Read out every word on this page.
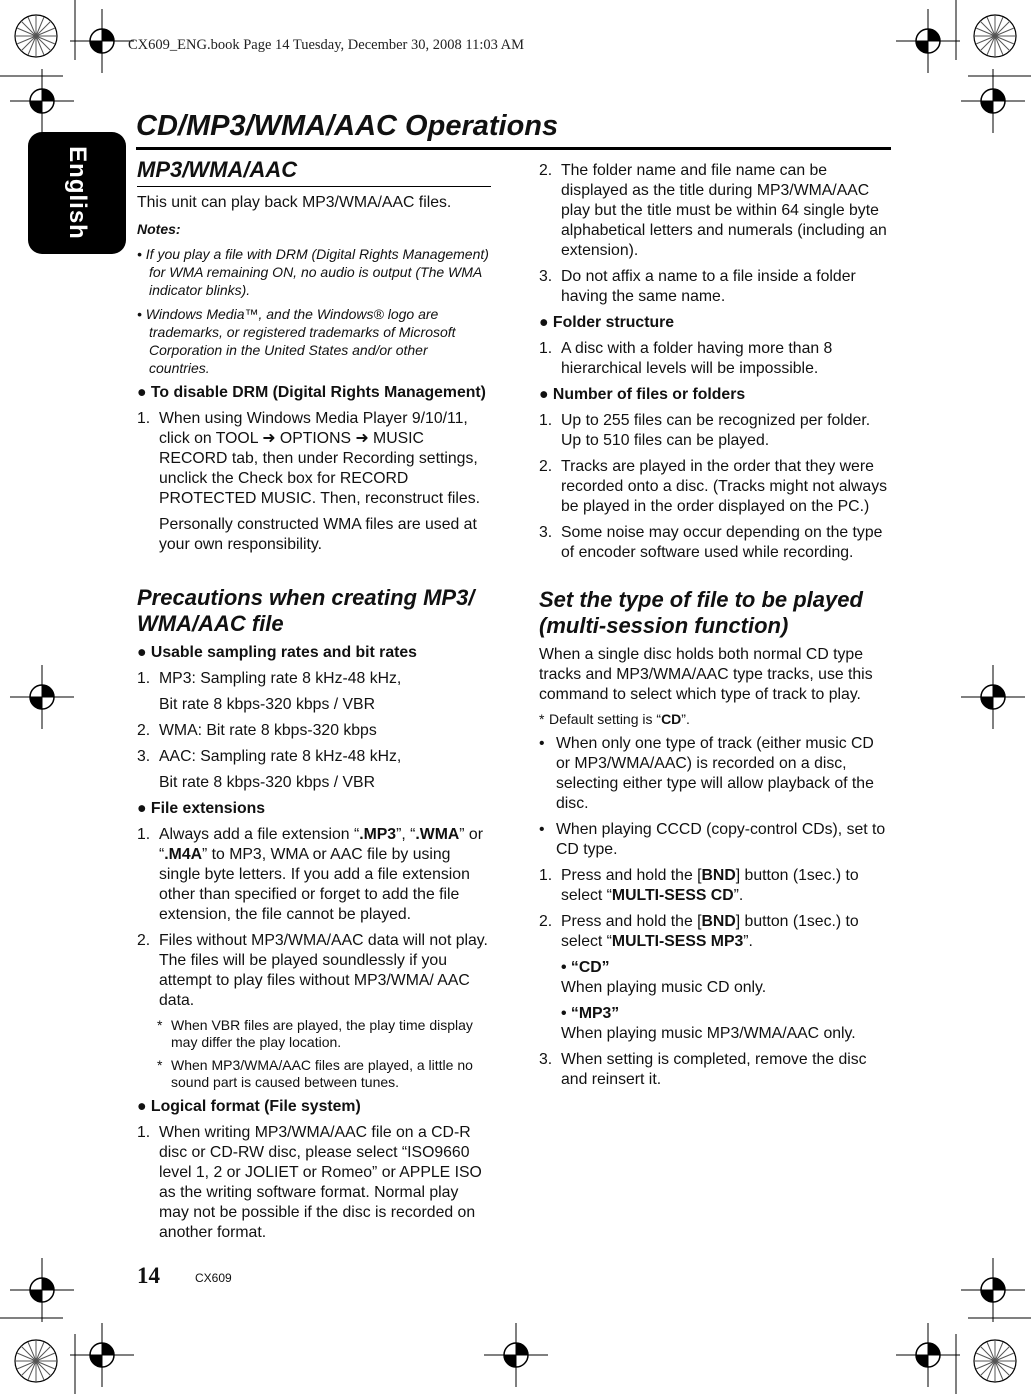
CX609_ENG.book Page 14 Tuesday, December 30, 2008 11:03 AM
English
CD/MP3/WMA/AAC Operations
MP3/WMA/AAC

This unit can play back MP3/WMA/AAC files.

Notes:

• If you play a file with DRM (Digital Rights Management) for WMA remaining ON, no audio is output (The WMA indicator blinks).

• Windows Media™, and the Windows® logo are trademarks, or registered trademarks of Microsoft Corporation in the United States and/or other countries.

● To disable DRM (Digital Rights Management)

1. When using Windows Media Player 9/10/11, click on TOOL ➜ OPTIONS ➜ MUSIC RECORD tab, then under Recording settings, unclick the Check box for RECORD PROTECTED MUSIC. Then, reconstruct files.

Personally constructed WMA files are used at your own responsibility.

Precautions when creating MP3/ WMA/AAC file

● Usable sampling rates and bit rates

1. MP3: Sampling rate 8 kHz-48 kHz,

Bit rate 8 kbps-320 kbps / VBR

2. WMA: Bit rate 8 kbps-320 kbps
3. AAC: Sampling rate 8 kHz-48 kHz,

Bit rate 8 kbps-320 kbps / VBR

● File extensions

1. Always add a file extension “.MP3”, “.WMA” or “.M4A” to MP3, WMA or AAC file by using single byte letters. If you add a file extension other than specified or forget to add the file extension, the file cannot be played.
2. Files without MP3/WMA/AAC data will not play. The files will be played soundlessly if you attempt to play files without MP3/WMA/ AAC data.
* When VBR files are played, the play time display may differ the play location.
* When MP3/WMA/AAC files are played, a little no sound part is caused between tunes.

● Logical format (File system)

1. When writing MP3/WMA/AAC file on a CD-R disc or CD-RW disc, please select “ISO9660 level 1, 2 or JOLIET or Romeo” or APPLE ISO as the writing software format. Normal play may not be possible if the disc is recorded on another format.
2. The folder name and file name can be displayed as the title during MP3/WMA/AAC play but the title must be within 64 single byte alphabetical letters and numerals (including an extension).
3. Do not affix a name to a file inside a folder having the same name.

● Folder structure

1. A disc with a folder having more than 8 hierarchical levels will be impossible.

● Number of files or folders

1. Up to 255 files can be recognized per folder. Up to 510 files can be played.
2. Tracks are played in the order that they were recorded onto a disc. (Tracks might not always be played in the order displayed on the PC.)
3. Some noise may occur depending on the type of encoder software used while recording.
Set the type of file to be played (multi-session function)

When a single disc holds both normal CD type tracks and MP3/WMA/AAC type tracks, use this command to select which type of track to play.

* Default setting is “CD”.
• When only one type of track (either music CD or MP3/WMA/AAC) is recorded on a disc, selecting either type will allow playback of the disc.
• When playing CCCD (copy-control CDs), set to CD type.
1. Press and hold the [BND] button (1sec.) to select “MULTI-SESS CD”.
2. Press and hold the [BND] button (1sec.) to select “MULTI-SESS MP3”.

• “CD”

When playing music CD only.

• “MP3”

When playing music MP3/WMA/AAC only.

3. When setting is completed, remove the disc and reinsert it.
14	CX609
